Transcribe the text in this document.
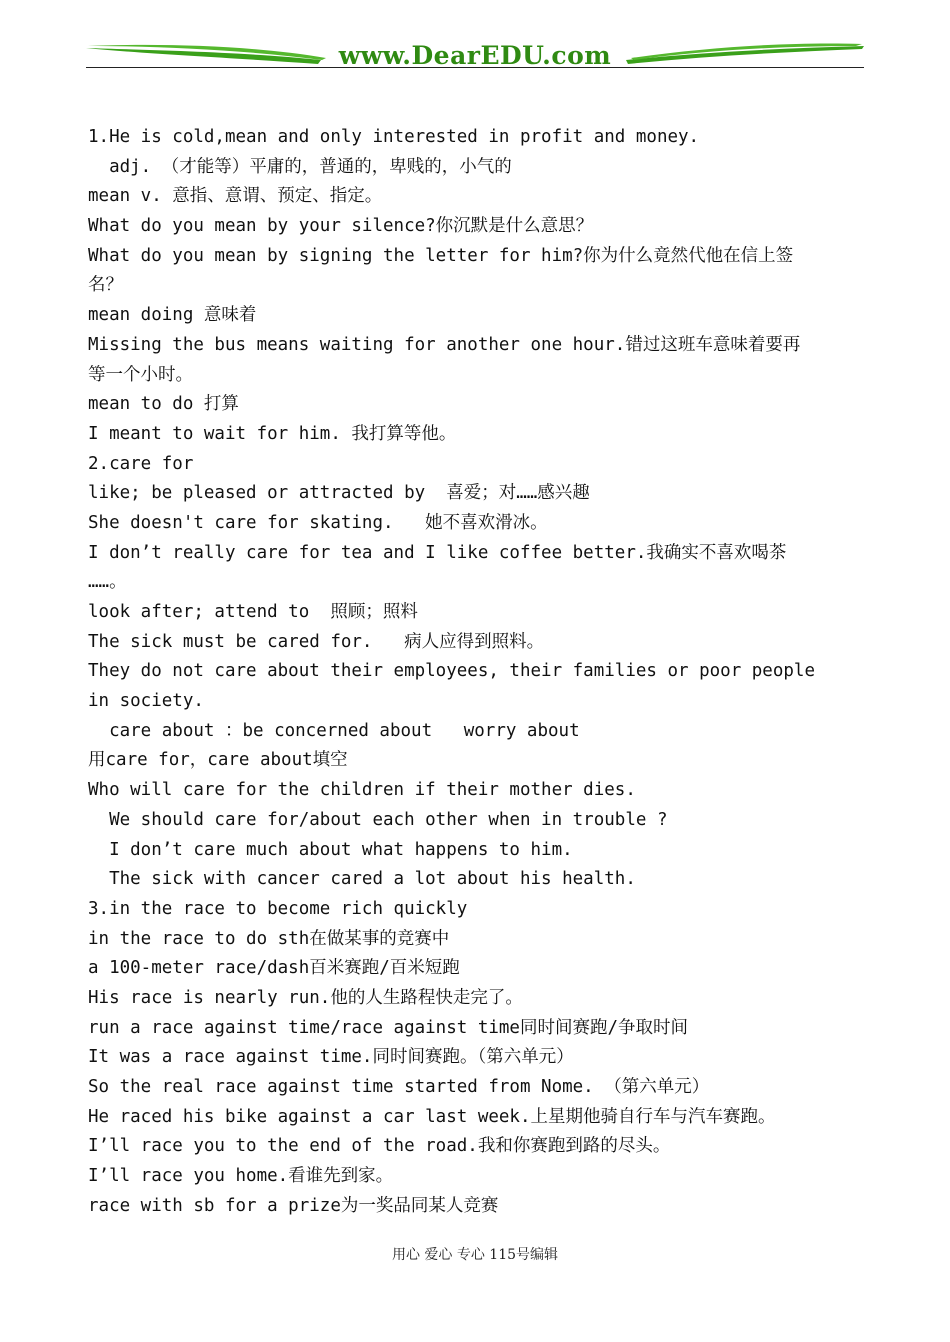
www.DearEDU.com
1.He is cold,mean and only interested in profit and money.
adj. （才能等）平庸的，普通的，卑贱的，小气的
mean v. 意指、意谓、预定、指定。
What do you mean by your silence?你沉默是什么意思？
What do you mean by signing the letter for him?你为什么竟然代他在信上签
名？
mean doing 意味着
Missing the bus means waiting for another one hour.错过这班车意味着要再
等一个小时。
mean to do 打算
I meant to wait for him. 我打算等他。
2.care for
like; be pleased or attracted by  喜爱；对……感兴趣
She doesn't care for skating.   她不喜欢滑冰。
I don’t really care for tea and I like coffee better.我确实不喜欢喝茶
……。
look after; attend to  照顾；照料
The sick must be cared for.   病人应得到照料。
They do not care about their employees, their families or poor people
in society.
care about ：be concerned about   worry about
用care for，care about填空
Who will care for the children if their mother dies.
We should care for/about each other when in trouble ?
I don’t care much about what happens to him.
The sick with cancer cared a lot about his health.
3.in the race to become rich quickly
in the race to do sth在做某事的竞赛中
a 100-meter race/dash百米赛跑/百米短跑
His race is nearly run.他的人生路程快走完了。
run a race against time/race against time同时间赛跑/争取时间
It was a race against time.同时间赛跑。（第六单元）
So the real race against time started from Nome. （第六单元）
He raced his bike against a car last week.上星期他骑自行车与汽车赛跑。
I’ll race you to the end of the road.我和你赛跑到路的尽头。
I’ll race you home.看谁先到家。
race with sb for a prize为一奖品同某人竞赛
用心 爱心 专心 115号编辑
